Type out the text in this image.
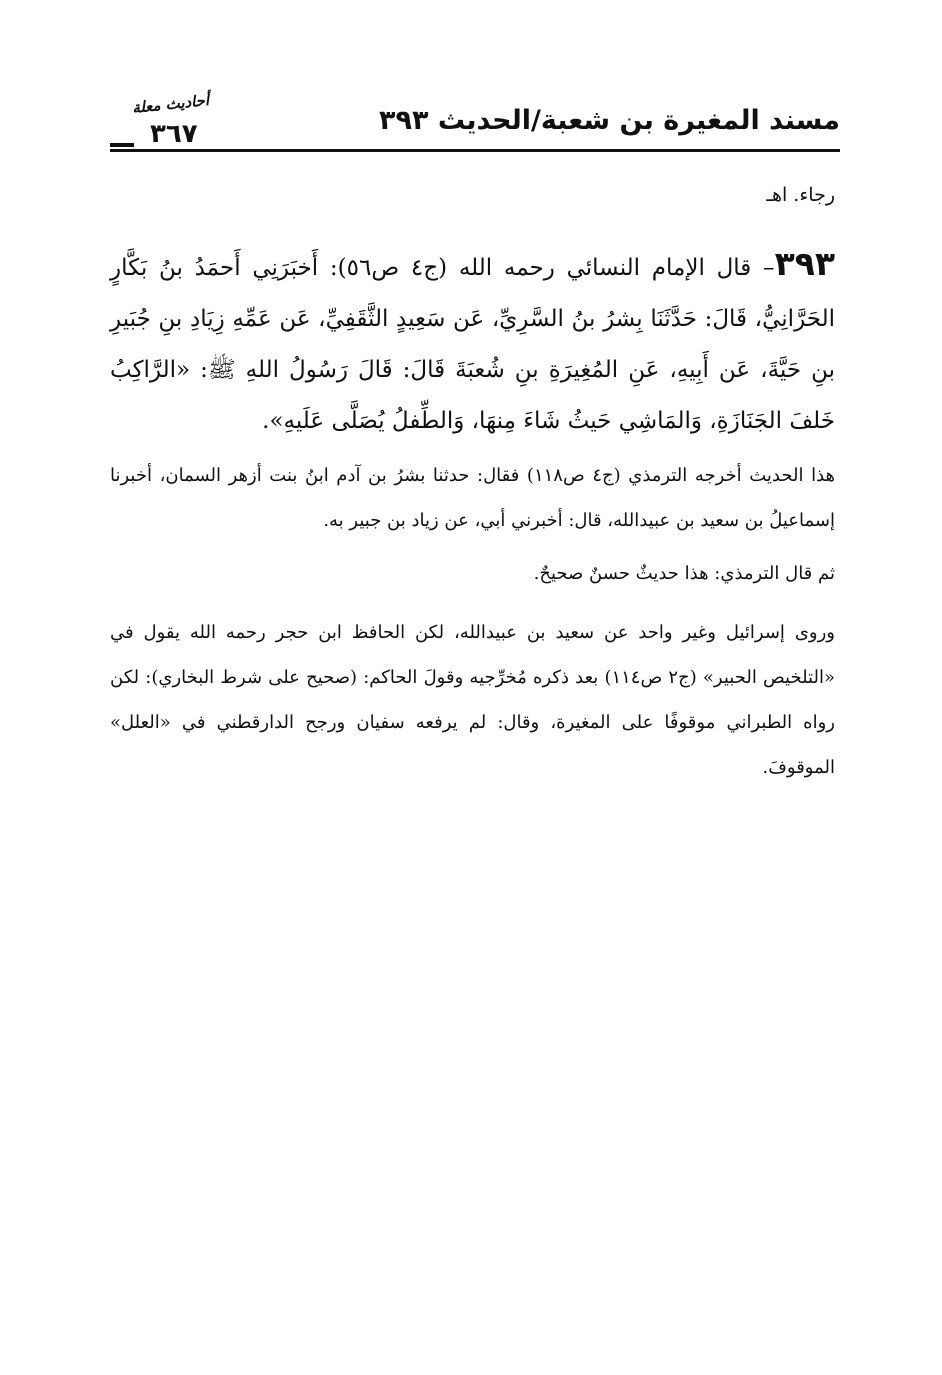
مسند المغيرة بن شعبة/الحديث ٣٩٣
أحاديث معلة
٣٦٧

رجاء. اهـ

٣٩٣– قال الإمام النسائي رحمه الله (ج٤ ص٥٦): أَخبَرَنِي أَحمَدُ بنُ بَكَّارٍ الحَرَّانِيُّ، قَالَ: حَدَّثَنَا بِشرُ بنُ السَّرِيِّ، عَن سَعِيدٍ الثَّقَفِيِّ، عَن عَمِّهِ زِيَادِ بنِ جُبَيرِ بنِ حَيَّةَ، عَن أَبِيهِ، عَنِ المُغِيرَةِ بنِ شُعبَةَ قَالَ: قَالَ رَسُولُ اللهِ ﷺ: «الرَّاكِبُ خَلفَ الجَنَازَةِ، وَالمَاشِي حَيثُ شَاءَ مِنهَا، وَالطِّفلُ يُصَلَّى عَلَيهِ».

هذا الحديث أخرجه الترمذي (ج٤ ص١١٨) فقال: حدثنا بشرُ بن آدم ابنُ بنت أزهر السمان، أخبرنا إسماعيلُ بن سعيد بن عبيدالله، قال: أخبرني أبي، عن زياد بن جبير به.

ثم قال الترمذي: هذا حديثٌ حسنٌ صحيحٌ.

وروى إسرائيل وغير واحد عن سعيد بن عبيدالله، لكن الحافظ ابن حجر رحمه الله يقول في «التلخيص الحبير» (ج٢ ص١١٤) بعد ذكره مُخرِّجيه وقولَ الحاكم: (صحيح على شرط البخاري): لكن رواه الطبراني موقوفًا على المغيرة، وقال: لم يرفعه سفيان ورجح الدارقطني في «العلل» الموقوفَ.
